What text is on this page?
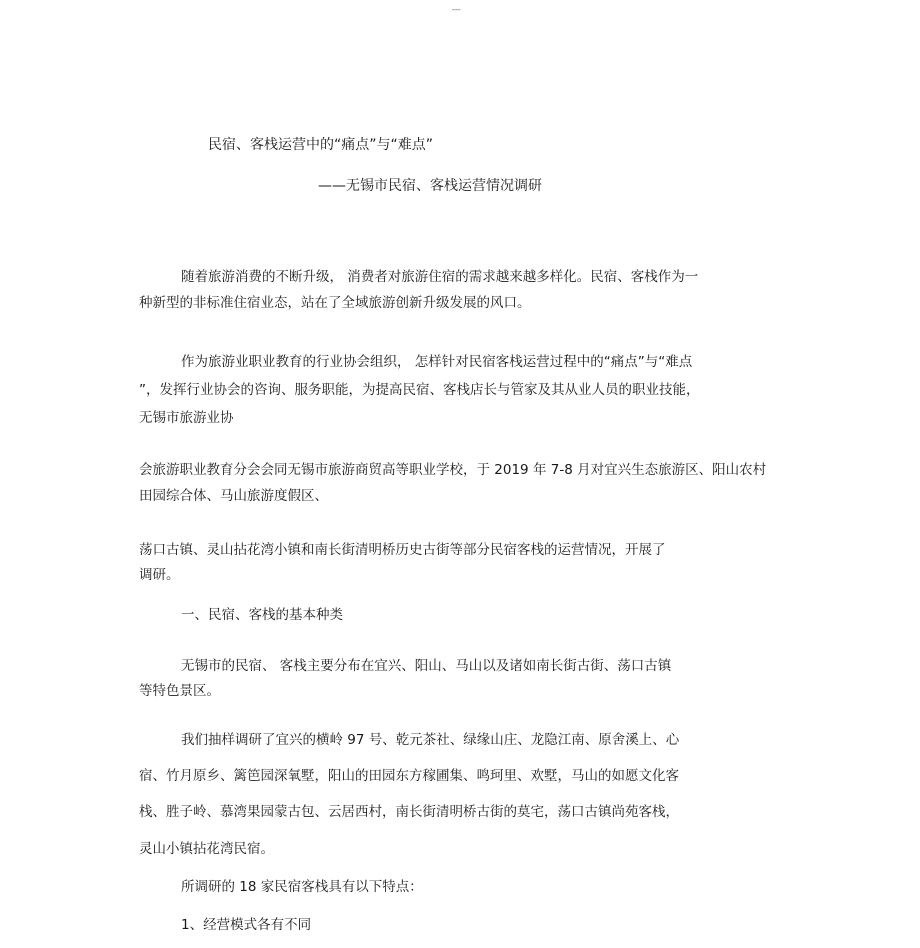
---
民宿、客栈运营中的“痛点”与“难点”
——无锡市民宿、客栈运营情况调研
随着旅游消费的不断升级， 消费者对旅游住宿的需求越来越多样化。民宿、客栈作为一
种新型的非标准住宿业态，站在了全域旅游创新升级发展的风口。
作为旅游业职业教育的行业协会组织， 怎样针对民宿客栈运营过程中的“痛点”与“难点
”，发挥行业协会的咨询、服务职能，为提高民宿、客栈店长与管家及其从业人员的职业技能，
无锡市旅游业协
会旅游职业教育分会会同无锡市旅游商贸高等职业学校，于 2019 年 7-8 月对宜兴生态旅游区、阳山农村
田园综合体、马山旅游度假区、
荡口古镇、灵山拈花湾小镇和南长街清明桥历史古街等部分民宿客栈的运营情况，开展了
调研。
一、民宿、客栈的基本种类
无锡市的民宿、 客栈主要分布在宜兴、阳山、马山以及诸如南长街古街、荡口古镇
等特色景区。
我们抽样调研了宜兴的横岭 97 号、乾元茶社、绿缘山庄、龙隐江南、原舍溪上、心
宿、竹月原乡、篱笆园深氧墅，阳山的田园东方稼圃集、鸣珂里、欢墅，马山的如愿文化客
栈、胜子岭、慕湾果园蒙古包、云居西村，南长街清明桥古街的莫宅，荡口古镇尚苑客栈，
灵山小镇拈花湾民宿。
所调研的 18 家民宿客栈具有以下特点：
1、经营模式各有不同
